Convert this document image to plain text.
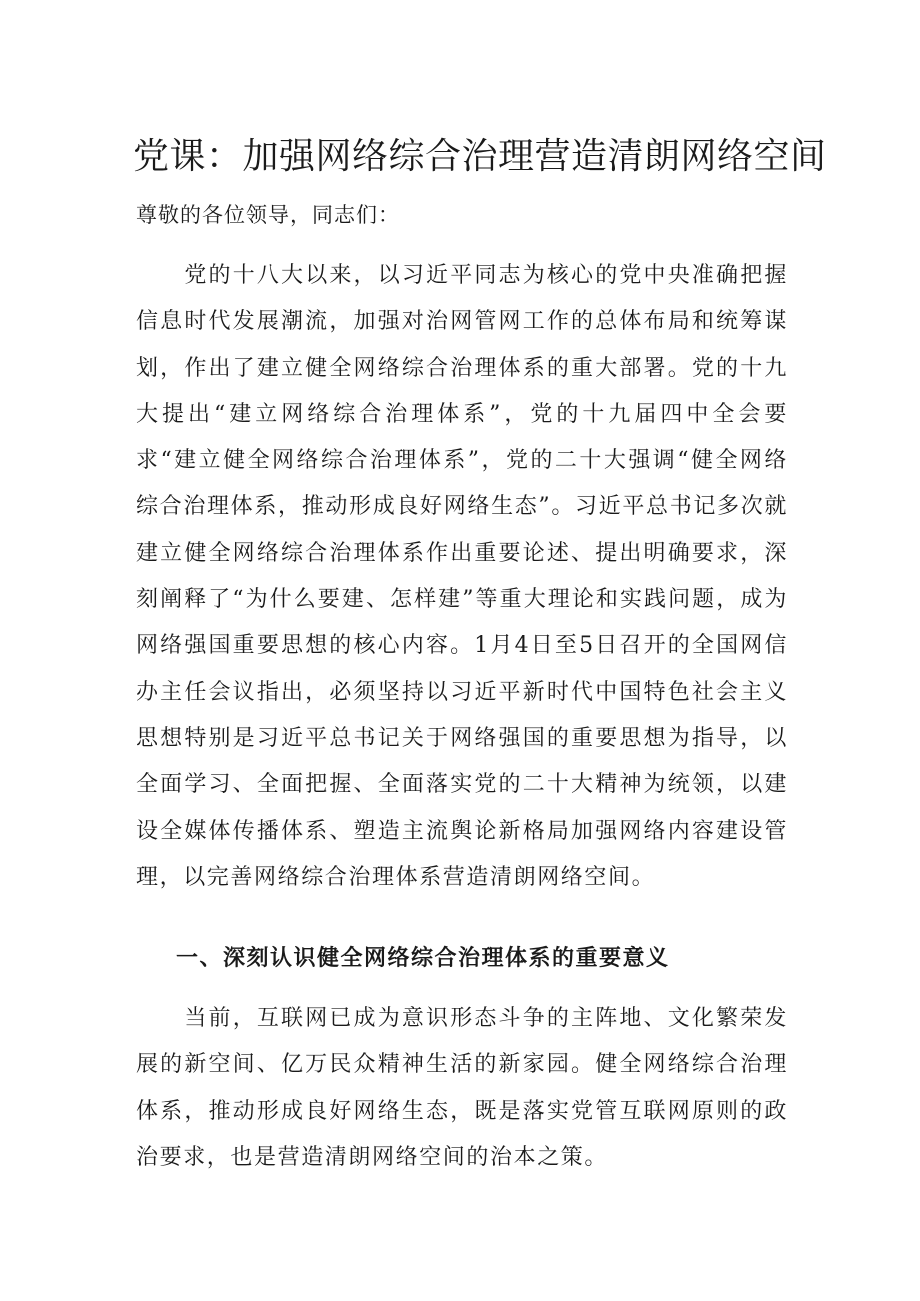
党课：加强网络综合治理营造清朗网络空间

尊敬的各位领导，同志们：

党的十八大以来，以习近平同志为核心的党中央准确把握信息时代发展潮流，加强对治网管网工作的总体布局和统筹谋划，作出了建立健全网络综合治理体系的重大部署。党的十九大提出“建立网络综合治理体系”，党的十九届四中全会要求“建立健全网络综合治理体系”，党的二十大强调“健全网络综合治理体系，推动形成良好网络生态”。习近平总书记多次就建立健全网络综合治理体系作出重要论述、提出明确要求，深刻阐释了“为什么要建、怎样建”等重大理论和实践问题，成为网络强国重要思想的核心内容。1月4日至5日召开的全国网信办主任会议指出，必须坚持以习近平新时代中国特色社会主义思想特别是习近平总书记关于网络强国的重要思想为指导，以全面学习、全面把握、全面落实党的二十大精神为统领，以建设全媒体传播体系、塑造主流舆论新格局加强网络内容建设管理，以完善网络综合治理体系营造清朗网络空间。

一、深刻认识健全网络综合治理体系的重要意义

当前，互联网已成为意识形态斗争的主阵地、文化繁荣发展的新空间、亿万民众精神生活的新家园。健全网络综合治理体系，推动形成良好网络生态，既是落实党管互联网原则的政治要求，也是营造清朗网络空间的治本之策。
